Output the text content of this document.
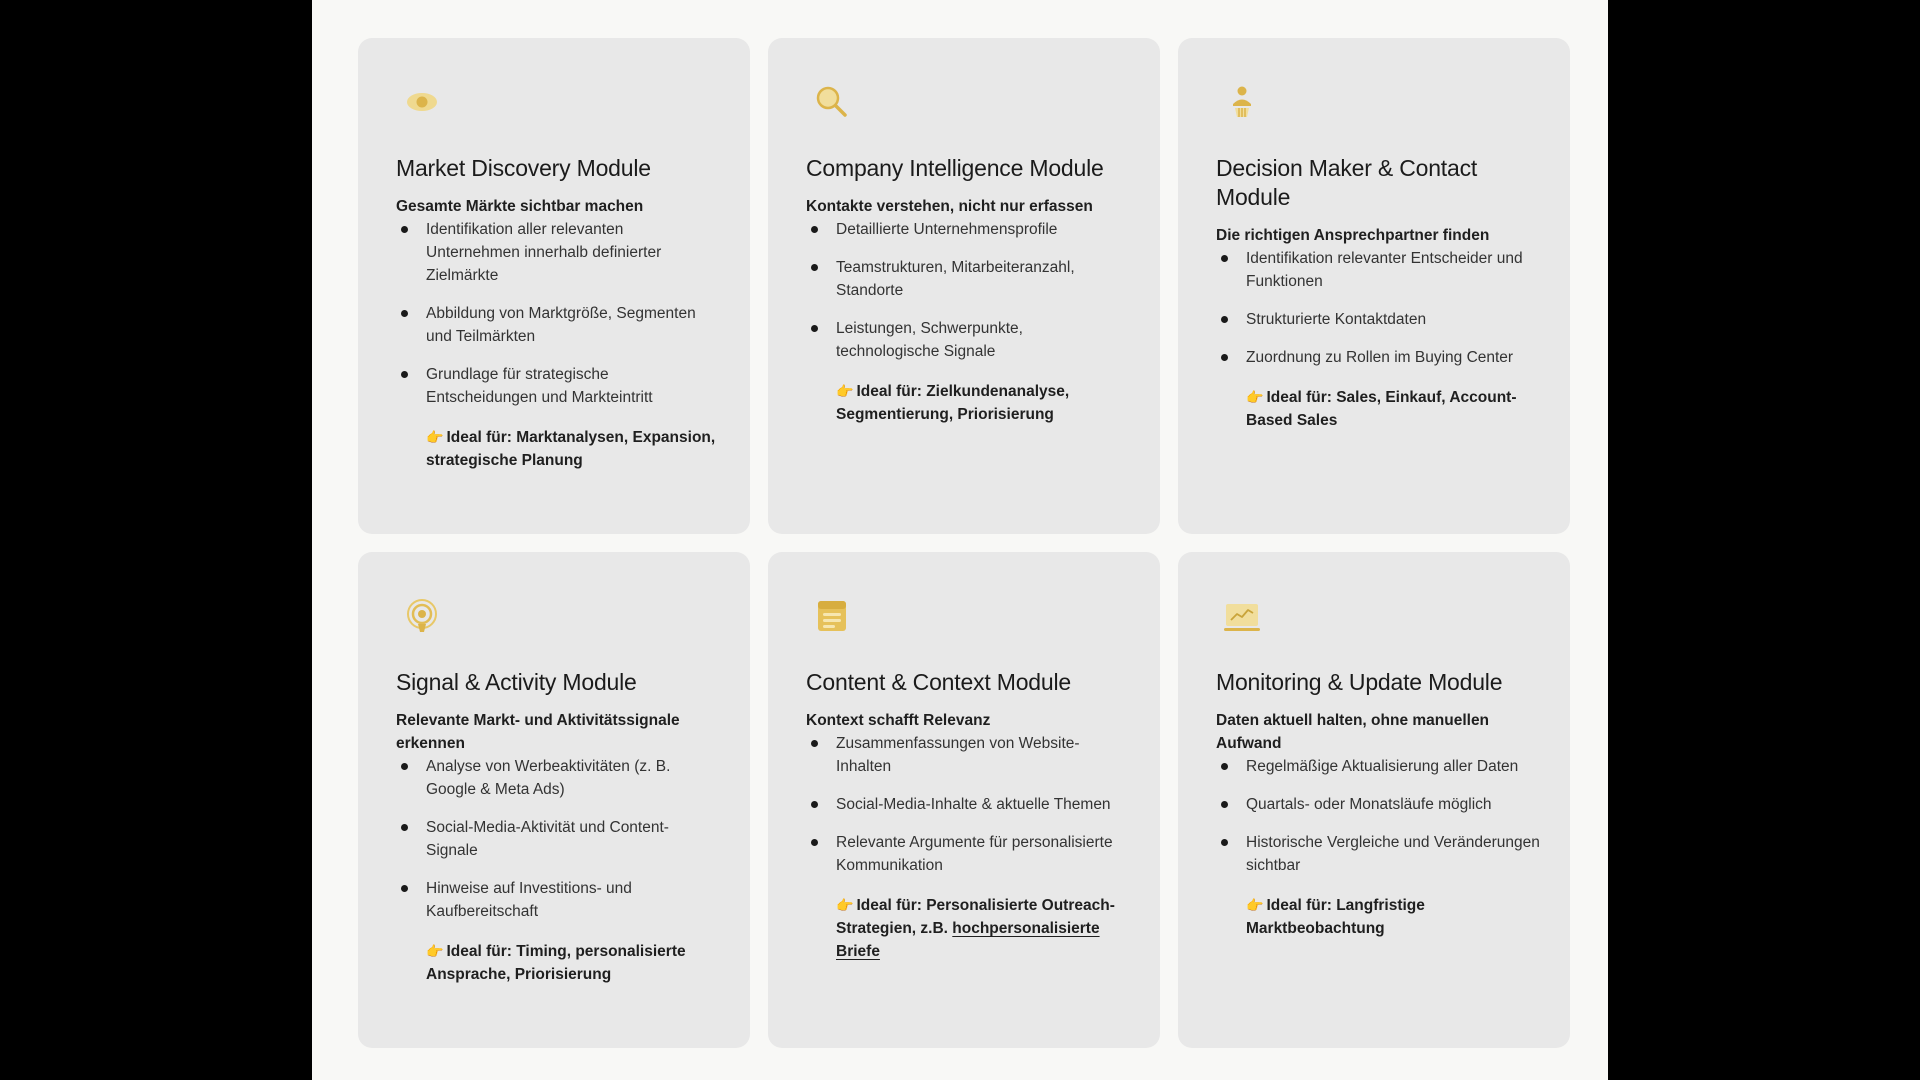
Market Discovery Module
Gesamte Märkte sichtbar machen
Identifikation aller relevanten Unternehmen innerhalb definierter Zielmärkte
Abbildung von Marktgröße, Segmenten und Teilmärkten
Grundlage für strategische Entscheidungen und Markteintritt
👉 Ideal für: Marktanalysen, Expansion, strategische Planung
Company Intelligence Module
Kontakte verstehen, nicht nur erfassen
Detaillierte Unternehmensprofile
Teamstrukturen, Mitarbeiteranzahl, Standorte
Leistungen, Schwerpunkte, technologische Signale
👉 Ideal für: Zielkundenanalyse, Segmentierung, Priorisierung
Decision Maker & Contact Module
Die richtigen Ansprechpartner finden
Identifikation relevanter Entscheider und Funktionen
Strukturierte Kontaktdaten
Zuordnung zu Rollen im Buying Center
👉 Ideal für: Sales, Einkauf, Account-Based Sales
Signal & Activity Module
Relevante Markt- und Aktivitätssignale erkennen
Analyse von Werbeaktivitäten (z. B. Google & Meta Ads)
Social-Media-Aktivität und Content-Signale
Hinweise auf Investitions- und Kaufbereitschaft
👉 Ideal für: Timing, personalisierte Ansprache, Priorisierung
Content & Context Module
Kontext schafft Relevanz
Zusammenfassungen von Website-Inhalten
Social-Media-Inhalte & aktuelle Themen
Relevante Argumente für personalisierte Kommunikation
👉 Ideal für: Personalisierte Outreach-Strategien, z.B. hochpersonalisierte Briefe
Monitoring & Update Module
Daten aktuell halten, ohne manuellen Aufwand
Regelmäßige Aktualisierung aller Daten
Quartals- oder Monatsläufe möglich
Historische Vergleiche und Veränderungen sichtbar
👉 Ideal für: Langfristige Marktbeobachtung
